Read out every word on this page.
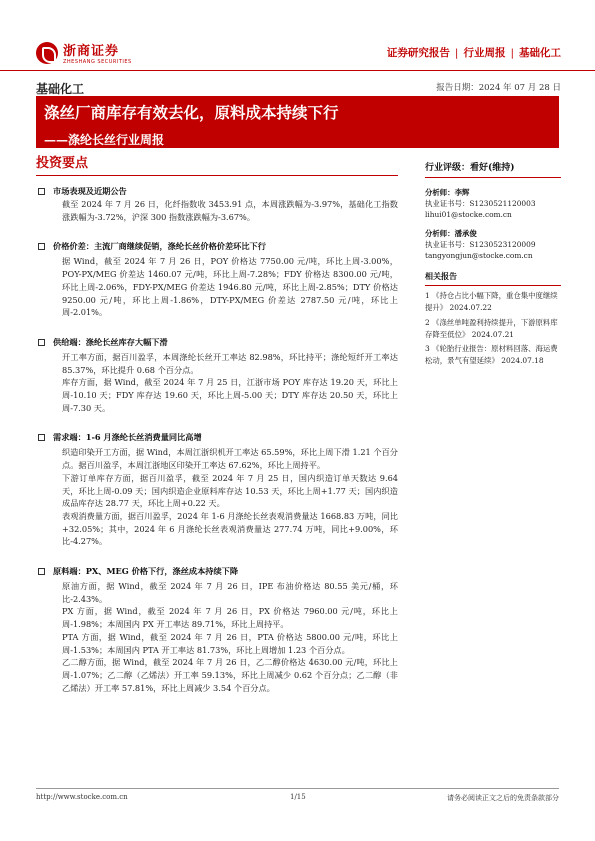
浙商证券
ZHESHANG SECURITIES
证券研究报告 | 行业周报 | 基础化工
基础化工	报告日期：2024 年 07 月 28 日
涤丝厂商库存有效去化，原料成本持续下行
——涤纶长丝行业周报
投资要点
市场表现及近期公告
截至 2024 年 7 月 26 日，化纤指数收 3453.91 点，本周涨跌幅为-3.97%，基础化工指数涨跌幅为-3.72%，沪深 300 指数涨跌幅为-3.67%。
价格价差：主流厂商继续促销，涤纶长丝价格价差环比下行
据 Wind，截至 2024 年 7 月 26 日，POY 价格达 7750.00 元/吨，环比上周-3.00%，POY-PX/MEG 价差达 1460.07 元/吨，环比上周-7.28%；FDY 价格达 8300.00 元/吨，环比上周-2.06%，FDY-PX/MEG 价差达 1946.80 元/吨，环比上周-2.85%；DTY 价格达 9250.00 元/吨，环比上周-1.86%，DTY-PX/MEG 价差达 2787.50 元/吨，环比上周-2.01%。
供给端：涤纶长丝库存大幅下滑
开工率方面，据百川盈孚，本周涤纶长丝开工率达 82.98%，环比持平；涤纶短纤开工率达 85.37%，环比提升 0.68 个百分点。
库存方面，据 Wind，截至 2024 年 7 月 25 日，江浙市场 POY 库存达 19.20 天，环比上周-10.10 天；FDY 库存达 19.60 天，环比上周-5.00 天；DTY 库存达 20.50 天，环比上周-7.30 天。
需求端：1-6 月涤纶长丝消费量同比高增
织造印染开工方面，据 Wind，本周江浙织机开工率达 65.59%，环比上周下滑 1.21 个百分点。据百川盈孚，本周江浙地区印染开工率达 67.62%，环比上周持平。
下游订单库存方面，据百川盈孚，截至 2024 年 7 月 25 日，国内织造订单天数达 9.64 天，环比上周-0.09 天；国内织造企业原料库存达 10.53 天，环比上周+1.77 天；国内织造成品库存达 28.77 天，环比上周+0.22 天。
表观消费量方面，据百川盈孚，2024 年 1-6 月涤纶长丝表观消费量达 1668.83 万吨，同比+32.05%；其中，2024 年 6 月涤纶长丝表观消费量达 277.74 万吨，同比+9.00%，环比-4.27%。
原料端：PX、MEG 价格下行，涤丝成本持续下降
原油方面，据 Wind，截至 2024 年 7 月 26 日，IPE 布油价格达 80.55 美元/桶，环比-2.43%。
PX 方面，据 Wind，截至 2024 年 7 月 26 日，PX 价格达 7960.00 元/吨，环比上周-1.98%；本周国内 PX 开工率达 89.71%，环比上周持平。
PTA 方面，据 Wind，截至 2024 年 7 月 26 日，PTA 价格达 5800.00 元/吨，环比上周-1.53%；本周国内 PTA 开工率达 81.73%，环比上周增加 1.23 个百分点。
乙二醇方面，据 Wind，截至 2024 年 7 月 26 日，乙二醇价格达 4630.00 元/吨，环比上周-1.07%；乙二醇（乙烯法）开工率 59.13%，环比上周减少 0.62 个百分点；乙二醇（非乙烯法）开工率 57.81%，环比上周减少 3.54 个百分点。
行业评级：看好(维持)
分析师：李辉
执业证书号：S1230521120003
lihui01@stocke.com.cn
分析师：潘承俊
执业证书号：S1230523120009
tangyongjun@stocke.com.cn
相关报告
1 《持仓占比小幅下降，重仓集中度继续提升》 2024.07.22
2 《涤丝单吨盈利持续提升，下游原料库存降至低位》 2024.07.21
3 《轮胎行业报告：原材料回落、海运费松动，景气有望延续》 2024.07.18
http://www.stocke.com.cn	1/15	请务必阅读正文之后的免责条款部分
